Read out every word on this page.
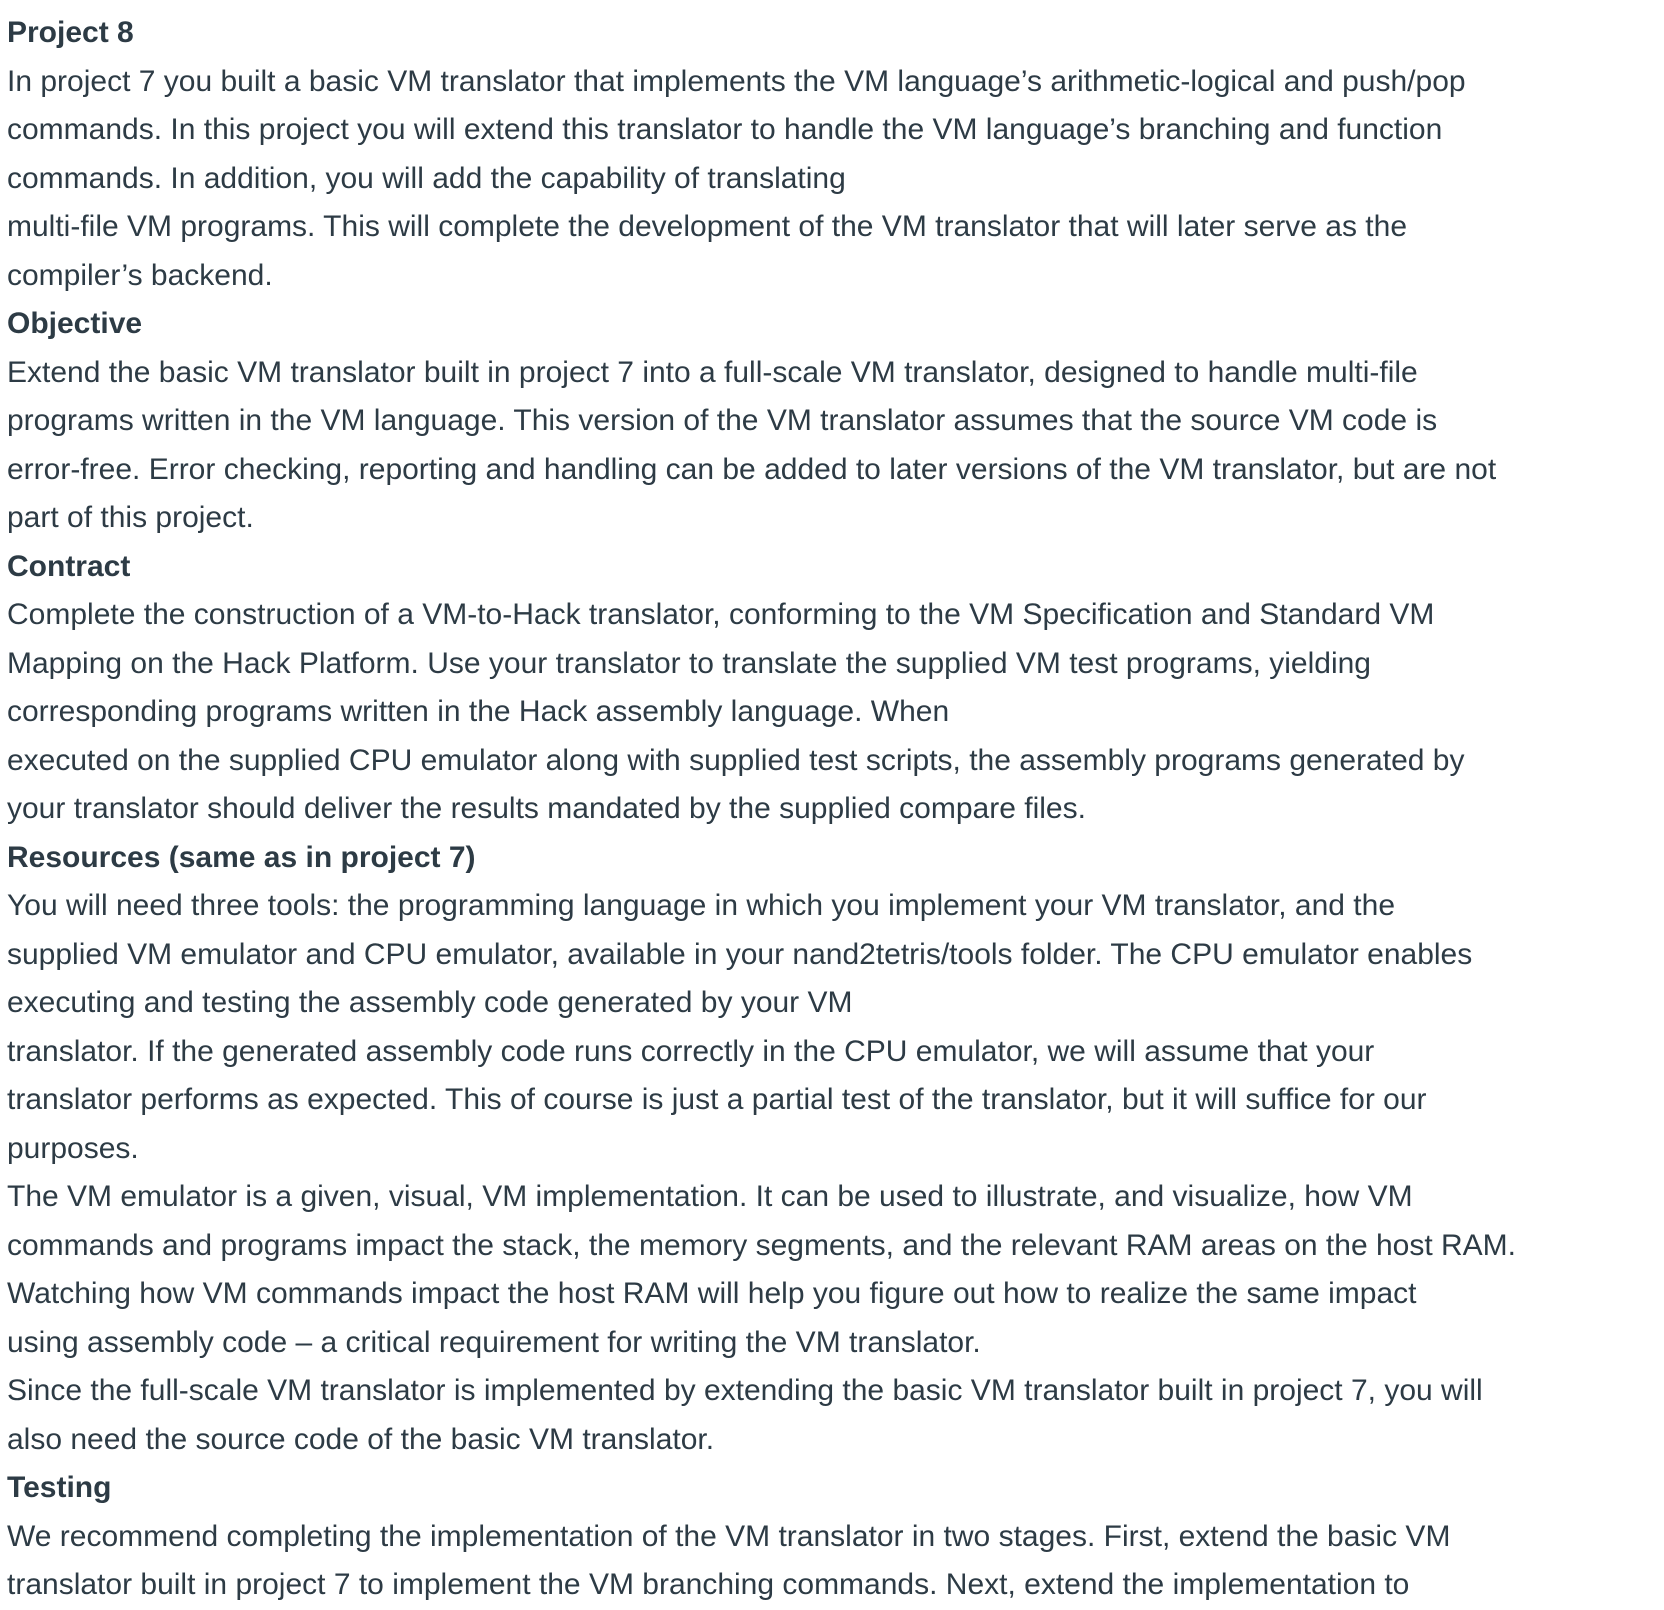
Project 8
In project 7 you built a basic VM translator that implements the VM language’s arithmetic-logical and push/pop
commands. In this project you will extend this translator to handle the VM language’s branching and function
commands. In addition, you will add the capability of translating
multi-file VM programs. This will complete the development of the VM translator that will later serve as the
compiler’s backend.
Objective
Extend the basic VM translator built in project 7 into a full-scale VM translator, designed to handle multi-file
programs written in the VM language. This version of the VM translator assumes that the source VM code is
error-free. Error checking, reporting and handling can be added to later versions of the VM translator, but are not
part of this project.
Contract
Complete the construction of a VM-to-Hack translator, conforming to the VM Specification and Standard VM
Mapping on the Hack Platform. Use your translator to translate the supplied VM test programs, yielding
corresponding programs written in the Hack assembly language. When
executed on the supplied CPU emulator along with supplied test scripts, the assembly programs generated by
your translator should deliver the results mandated by the supplied compare files.
Resources (same as in project 7)
You will need three tools: the programming language in which you implement your VM translator, and the
supplied VM emulator and CPU emulator, available in your nand2tetris/tools folder. The CPU emulator enables
executing and testing the assembly code generated by your VM
translator. If the generated assembly code runs correctly in the CPU emulator, we will assume that your
translator performs as expected. This of course is just a partial test of the translator, but it will suffice for our
purposes.
The VM emulator is a given, visual, VM implementation. It can be used to illustrate, and visualize, how VM
commands and programs impact the stack, the memory segments, and the relevant RAM areas on the host RAM.
Watching how VM commands impact the host RAM will help you figure out how to realize the same impact
using assembly code – a critical requirement for writing the VM translator.
Since the full-scale VM translator is implemented by extending the basic VM translator built in project 7, you will
also need the source code of the basic VM translator.
Testing
We recommend completing the implementation of the VM translator in two stages. First, extend the basic VM
translator built in project 7 to implement the VM branching commands. Next, extend the implementation to
